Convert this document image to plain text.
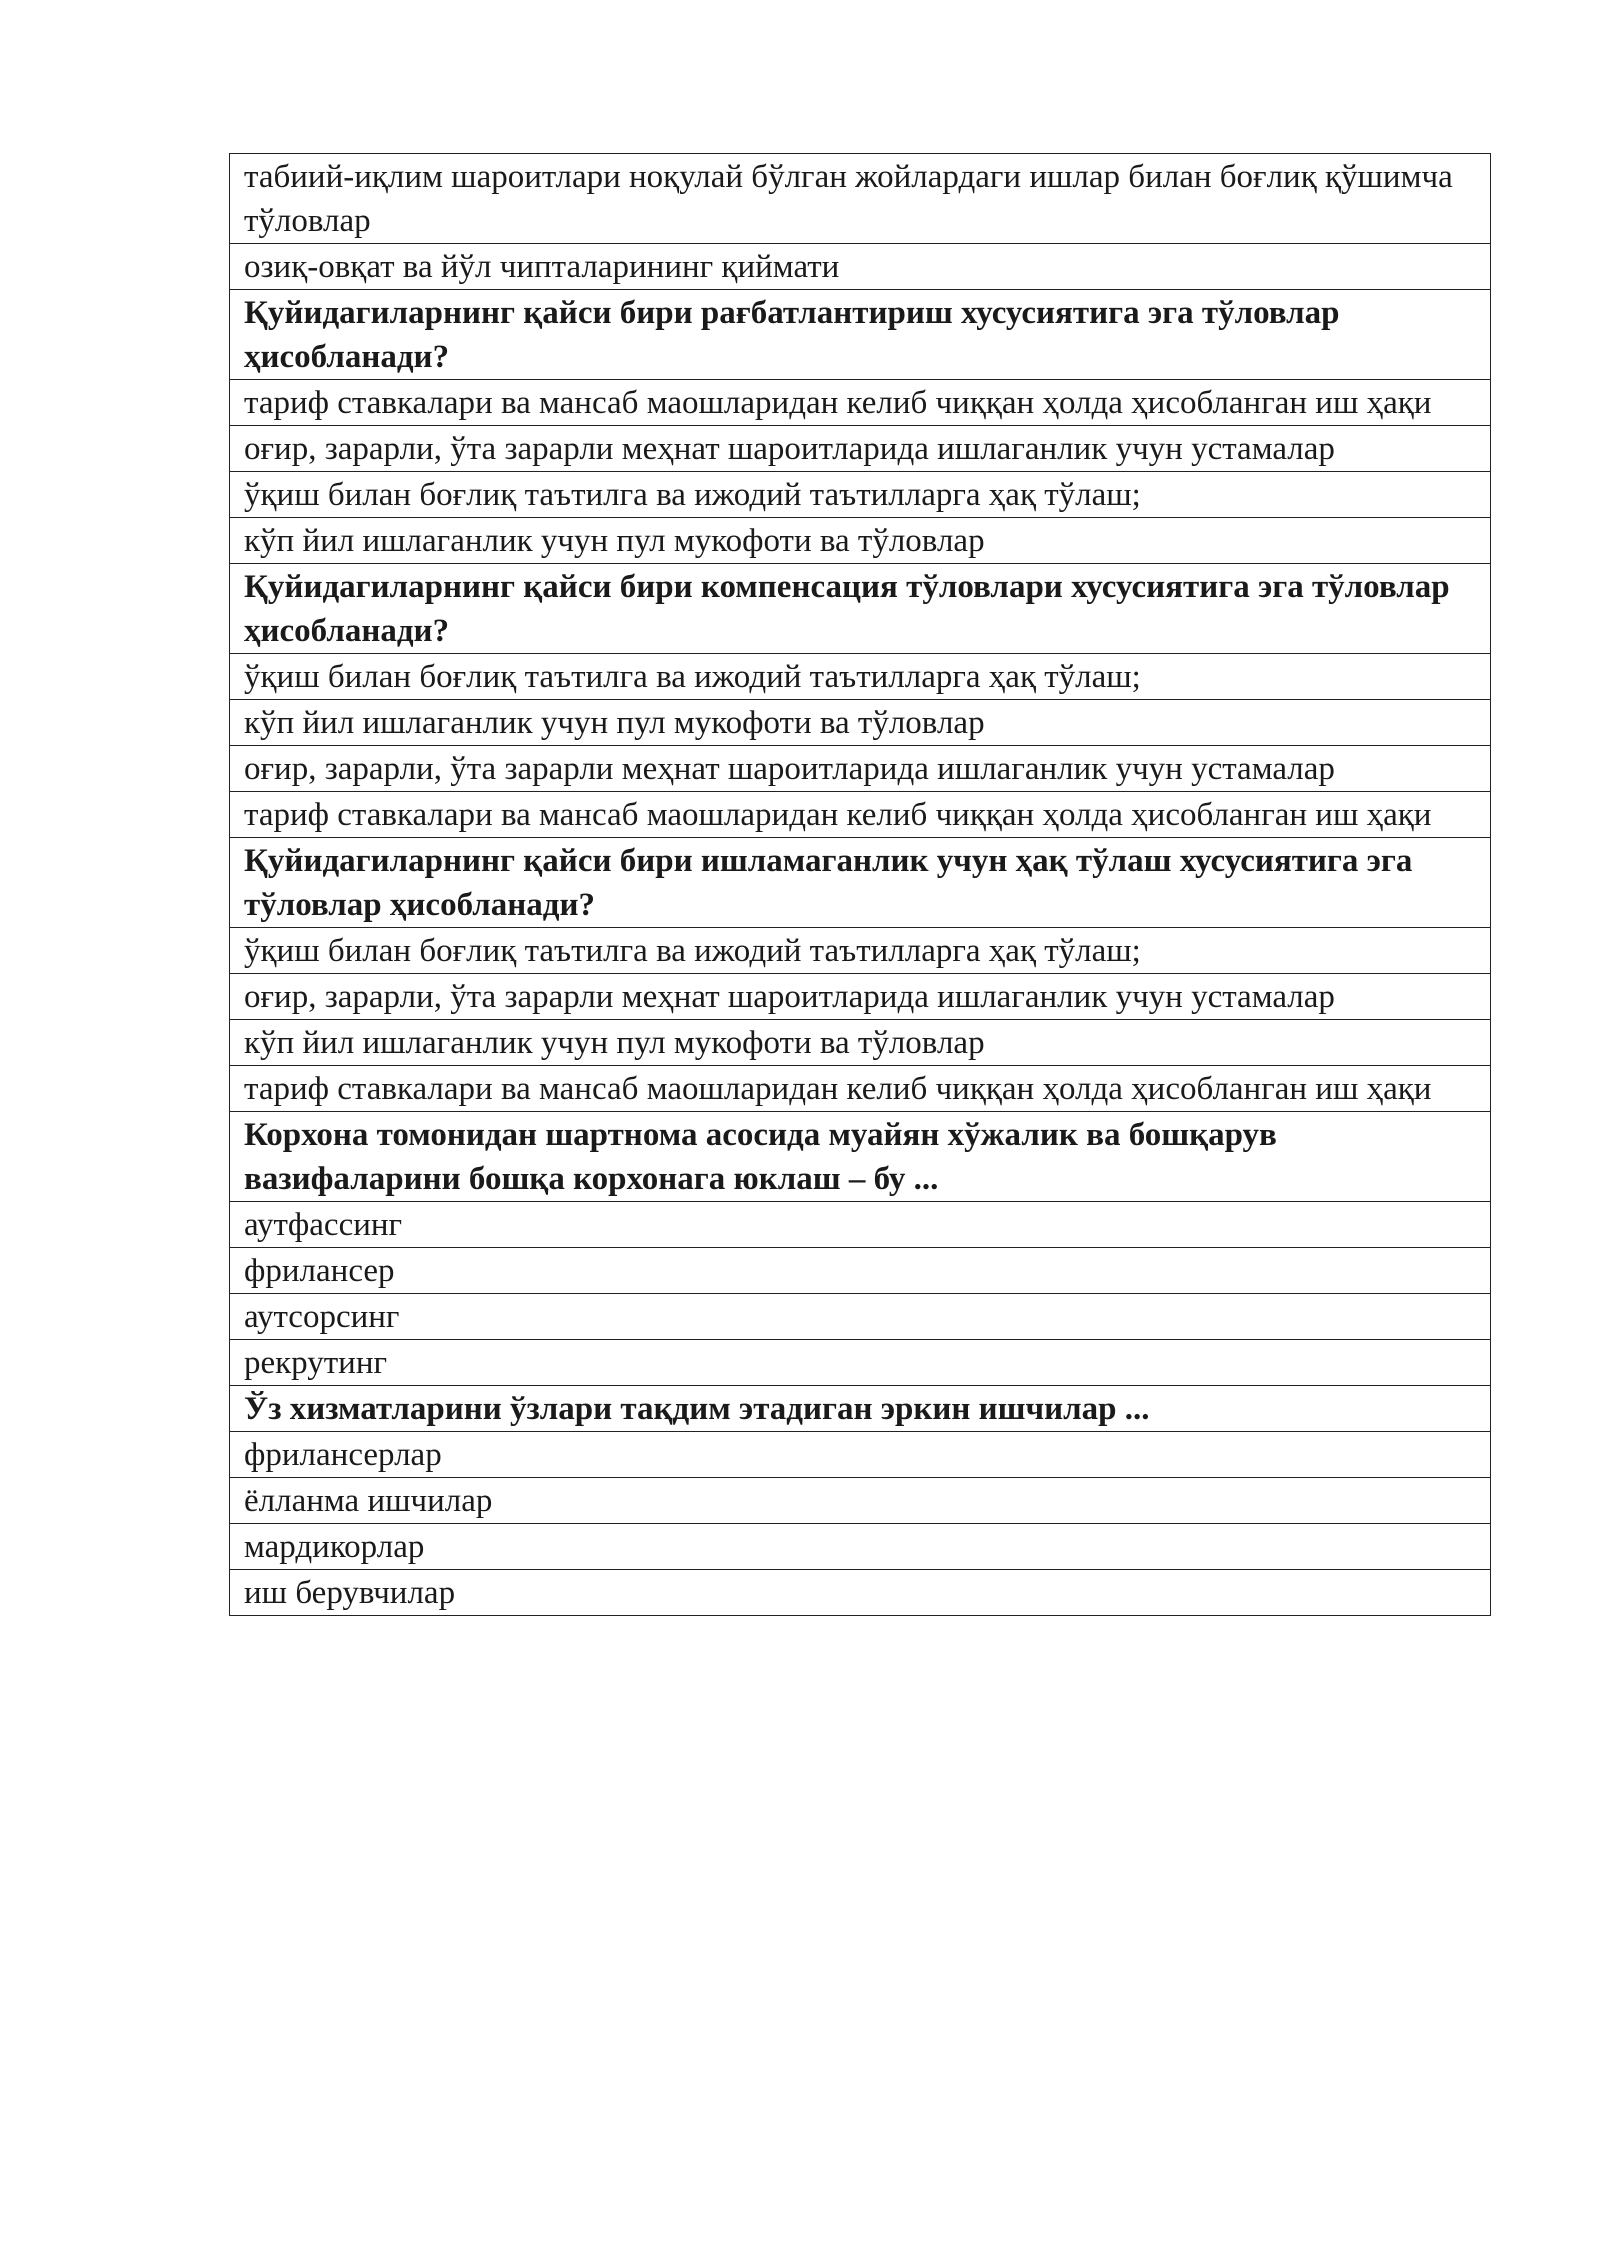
табиий-иқлим шароитлари ноқулай бўлган жойлардаги ишлар билан боғлиқ қўшимча тўловлар
озиқ-овқат ва йўл чипталарининг қиймати
Қуйидагиларнинг қайси бири рағбатлантириш хусусиятига эга тўловлар ҳисобланади?
тариф ставкалари ва мансаб маошларидан келиб чиққан ҳолда ҳисобланган иш ҳақи
оғир, зарарли, ўта зарарли меҳнат шароитларида ишлаганлик учун устамалар
ўқиш билан боғлиқ таътилга ва ижодий таътилларга ҳақ тўлаш;
кўп йил ишлаганлик учун пул мукофоти ва тўловлар
Қуйидагиларнинг қайси бири компенсация тўловлари хусусиятига эга тўловлар ҳисобланади?
ўқиш билан боғлиқ таътилга ва ижодий таътилларга ҳақ тўлаш;
кўп йил ишлаганлик учун пул мукофоти ва тўловлар
оғир, зарарли, ўта зарарли меҳнат шароитларида ишлаганлик учун устамалар
тариф ставкалари ва мансаб маошларидан келиб чиққан ҳолда ҳисобланган иш ҳақи
Қуйидагиларнинг қайси бири ишламаганлик учун ҳақ тўлаш хусусиятига эга тўловлар ҳисобланади?
ўқиш билан боғлиқ таътилга ва ижодий таътилларга ҳақ тўлаш;
оғир, зарарли, ўта зарарли меҳнат шароитларида ишлаганлик учун устамалар
кўп йил ишлаганлик учун пул мукофоти ва тўловлар
тариф ставкалари ва мансаб маошларидан келиб чиққан ҳолда ҳисобланган иш ҳақи
Корхона томонидан шартнома асосида муайян хўжалик ва бошқарув вазифаларини бошқа корхонага юклаш – бу ...
аутфассинг
фрилансер
аутсорсинг
рекрутинг
Ўз хизматларини ўзлари тақдим этадиган эркин ишчилар ...
фрилансерлар
ёлланма ишчилар
мардикорлар
иш берувчилар
